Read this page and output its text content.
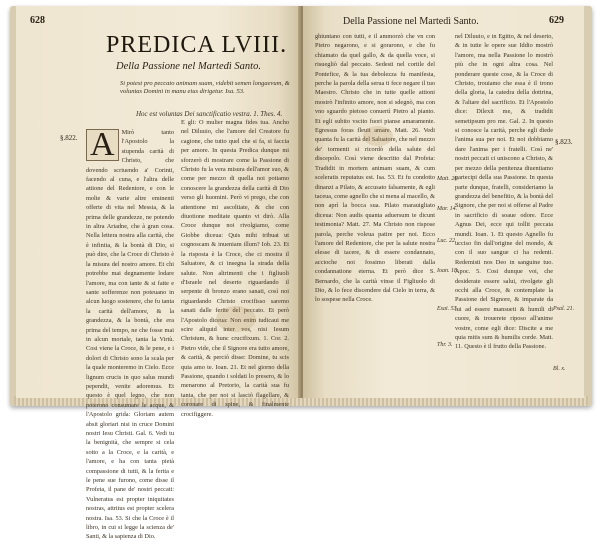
628
PREDICA LVIII.
Della Passione nel Martedì Santo.
Si potest pro peccato animam suam, videbit semen longaevum, & voluntas Domini in manu eius dirigetur. Isa. 53.
Hoc est voluntas Dei sanctificatio vestra. 1. Thes. 4.
§.822. A	Mirò tanto l'Apostolo la stupenda carità di Christo, che dovendo scriuendo a' Corinti, facendo al cuna, e l'altra delle attione del Redentore, e con le molte & varie altre eminenti offerte di vita nel Messia, & la prima delle grandezze, ne potendo in altra Ariadne, che à gran cosa. Nella lettera nostra alla carità, che è infinita, & la bontà di Dio, si può dire, che la Croce di Christo è la misura del nostro amore. Et chi potrebbe mai degnamente lodare l'amore, ma con tante & si fatte e sante sofferenze non poteuano in alcun luogo sostenere, che fu tanta la carità dell'amore, & la grandezza, & la bontà, che era prima del tempo, ne che fosse mai in alcun mortale, tanta la Virtù. Cosi viene la Croce, & le pene, e i dolori di Christo sono la scala per la quale monteremo in Cielo. Ecce lignum crucis in quo salus mundi pependit, venite adoremus. Et questo è quel legno, che non poterono consumare le acque, & l'Apostolo grida: Gloriam autem absit gloriari nisi in cruce Domini nostri Iesu Christi. Gal. 6. Vedi tu la benignità, che sempre si cela sotto a la Croce, e la carità, e l'amore, e ha con tanta pietà compassione di tutti, & la ferita e le pene sue furono, come disse il Profeta, il pane de' nostri peccati: Vulneratus est propter iniquitates nostras, attritus est propter scelera nostra. Isa. 53. Si che la Croce è il libro, in cui si legge la scienza de' Santi, & la sapienza di Dio.
E gli: O mulier magna fides tua. Ancho nel Diluuio, che l'amore del Creatore fu cagione, che tutto quel che si fa, si faccia per amore. In questa Predica dunque mi sforzerò di mostrare come la Passione di Christo fu la vera misura dell'amor suo, & come per mezzo di quella noi potiamo conoscere la grandezza della carità di Dio verso gli huomini. Però vi prego, che con attentione mi ascoltiate, & che con diuotione meditate quanto vi dirò. Alla Croce dunque noi rivolgiamo, come Giobbe diceua: Quis mihi tribuat ut cognoscam & inueniam illum? Iob. 23. Et la risposta è la Croce, che ci mostra il Saluatore, & ci insegna la strada della salute. Non altrimenti che i figliuoli d'Israele nel deserto riguardando il serpente di bronzo erano sanati, così noi riguardando Christo crocifisso saremo sanati dalle ferite del peccato. Et però l'Apostolo diceua: Non enim iudicaui me scire aliquid inter vos, nisi Iesum Christum, & hunc crucifixum. 1. Cor. 2. Pietro vide, che il Signore era tutto amore, & carità, & perciò disse: Domine, tu scis quia amo te. Ioan. 21. Et nel giorno della Passione, quando i soldati lo presero, & lo menarono al Pretorio, la carità sua fu tanta, che per noi si lasciò flagellare, & coronare di spine, & finalmente crocifiggere.
Della Passione nel Martedì Santo.	629
ghiuntano con tutti, e il ammorzò che vn con Pietro negarono, e si gorarono, e che fu chiamato da quel gallo, & da quella voce, si risuegliò dal peccato. Sedesti nel cortile del Pontefice, & la tua debolezza fu manifesta, perche la parola della serua ti fece negare il tuo Maestro. Christo che in tutte quelle attioni mostrò l'infinito amore, non si sdegnò, ma con vno sguardo pietoso conuertì Pietro al pianto. Et egli subito vscito fuori pianse amaramente. Egressus foras fleuit amare. Matt. 26. Vedi quanta fu la carità del Saluatore, che nel mezzo de' tormenti si ricordò della salute del discepolo. Così viene descritto dal Profeta: Tradidit in mortem animam suam, & cum sceleratis reputatus est. Isa. 53. Et fu condotto dinanzi a Pilato, & accusato falsamente, & egli taceua, come agnello che si mena al macello, & non aprì la bocca sua. Pilato marauigliato diceua: Non audis quanta aduersum te dicunt testimonia? Matt. 27. Ma Christo non rispose parola, perche voleua patire per noi. Ecco l'amore del Redentore, che per la salute nostra elesse di tacere, & di essere condannato, accioche noi fossimo liberati dalla condannatione eterna. Et però dice S. Bernardo, che la carità vinse il Figliuolo di Dio, & lo fece discendere dal Cielo in terra, & lo sospese nella Croce.
Matt. 26.
Mar. 14.
Luc. 22.
Ioan. 18.
Esai. 53.
Thr. 3.
Psal. 21.
Bl. x.
nel Diluuio, e in Egitto, & nel deserto, & in tutte le opere sue Iddio mostrò l'amore, ma nella Passione lo mostrò più che in ogni altra cosa. Nel ponderare queste cose, & la Croce di Christo, trouiamo che essa è il trono della gloria, la catedra della dottrina, & l'altare del sacrificio. Et l'Apostolo dice: Dilexit me, & tradidit semetipsum pro me. Gal. 2. In questo si conosce la carità, perche egli diede l'anima sua per noi. Et noi dobbiamo dare l'anima per i fratelli. Così ne' nostri peccati ci uniscono a Christo, & per mezzo della penitenza diuentiamo partecipi della sua Passione. In questa parte dunque, fratelli, consideriamo la grandezza del benefitio, & la bontà del Signore, che per noi si offerse al Padre in sacrificio di soaue odore. Ecce Agnus Dei, ecce qui tollit peccata mundi. Ioan. 1. Et questo Agnello fu ucciso fin dall'origine del mondo, & con il suo sangue ci ha redenti. Redemisti nos Deo in sanguine tuo. Apoc. 5. Cosi dunque voi, che desiderate essere salui, rivolgete gli occhi alla Croce, & contemplate la Passione del Signore, & imparate da lui ad essere mansueti & humili di cuore, & trouerete riposo all'anime vostre, come egli dice: Discite a me quia mitis sum & humilis corde. Matt. 11. Questo è il frutto della Passione.
§.823.
